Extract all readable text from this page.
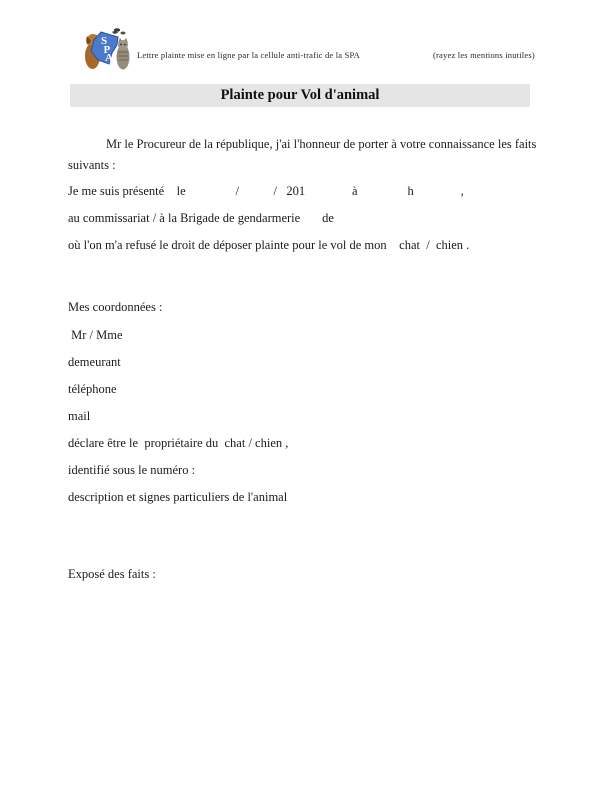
S
P
A	Lettre plainte mise en ligne par la cellule anti-trafic de la SPA	(rayez les mentions inutiles)
Plainte pour Vol d'animal
Mr le Procureur de la république, j'ai l'honneur de porter à votre connaissance les faits
suivants :
Je me suis présenté    le                /           /   201               à                h               ,
au commissariat / à la Brigade de gendarmerie       de
où l'on m'a refusé le droit de déposer plainte pour le vol de mon    chat  /  chien .
Mes coordonnées :
Mr / Mme
demeurant
téléphone
mail
déclare être le  propriétaire du  chat / chien ,
identifié sous le numéro :
description et signes particuliers de l'animal
Exposé des faits :
